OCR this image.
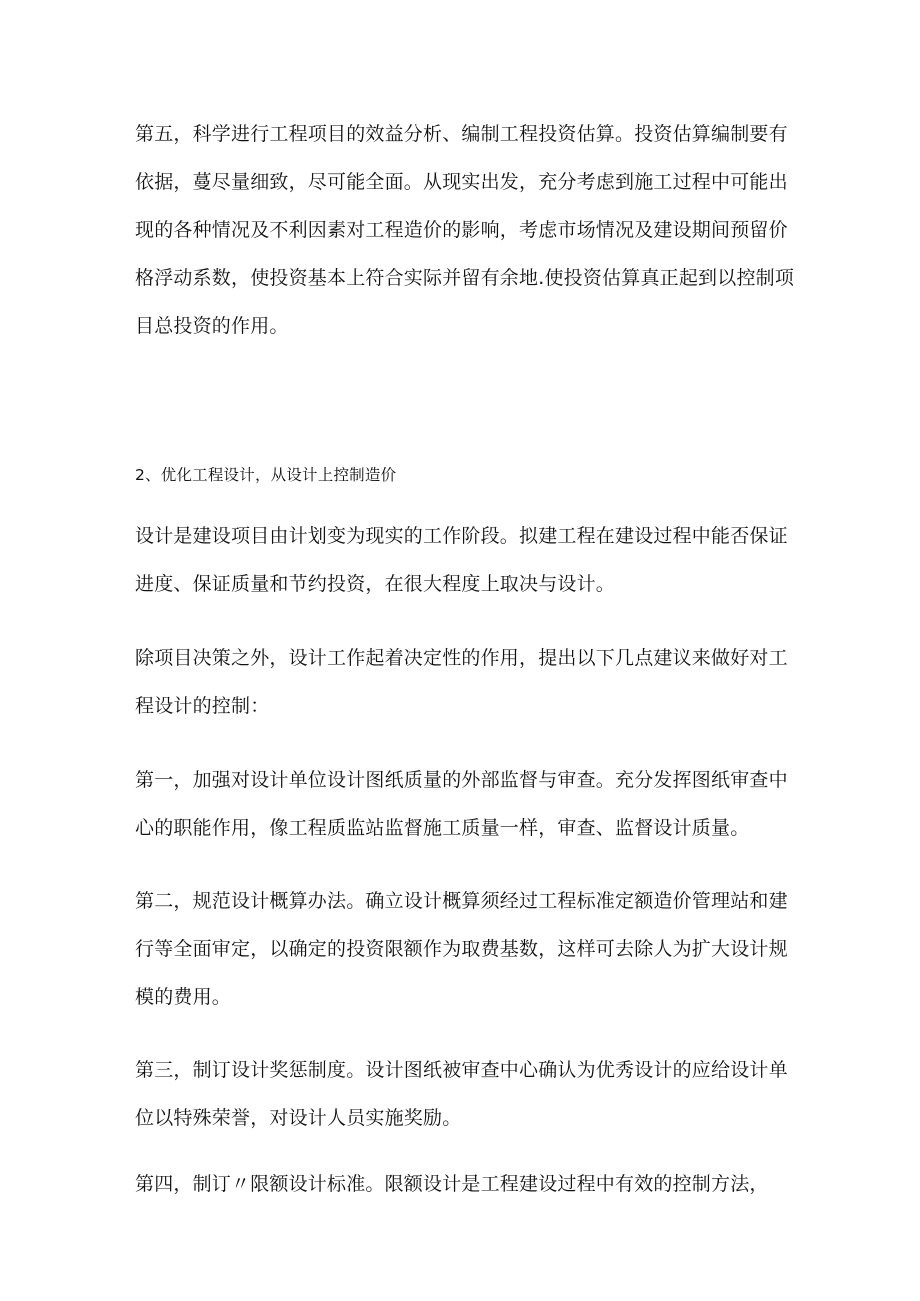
第五，科学进行工程项目的效益分析、编制工程投资估算。投资估算编制要有依据，蔓尽量细致，尽可能全面。从现实出发，充分考虑到施工过程中可能出现的各种情况及不利因素对工程造价的影响，考虑市场情况及建设期间预留价格浮动系数，使投资基本上符合实际并留有余地.使投资估算真正起到以控制项目总投资的作用。

2、优化工程设计，从设计上控制造价

设计是建设项目由计划变为现实的工作阶段。拟建工程在建设过程中能否保证进度、保证质量和节约投资，在很大程度上取决与设计。

除项目决策之外，设计工作起着决定性的作用，提出以下几点建议来做好对工程设计的控制：

第一，加强对设计单位设计图纸质量的外部监督与审查。充分发挥图纸审查中心的职能作用，像工程质监站监督施工质量一样，审查、监督设计质量。

第二，规范设计概算办法。确立设计概算须经过工程标准定额造价管理站和建行等全面审定，以确定的投资限额作为取费基数，这样可去除人为扩大设计规模的费用。

第三，制订设计奖惩制度。设计图纸被审查中心确认为优秀设计的应给设计单位以特殊荣誉，对设计人员实施奖励。

第四，制订〃限额设计标准。限额设计是工程建设过程中有效的控制方法，
